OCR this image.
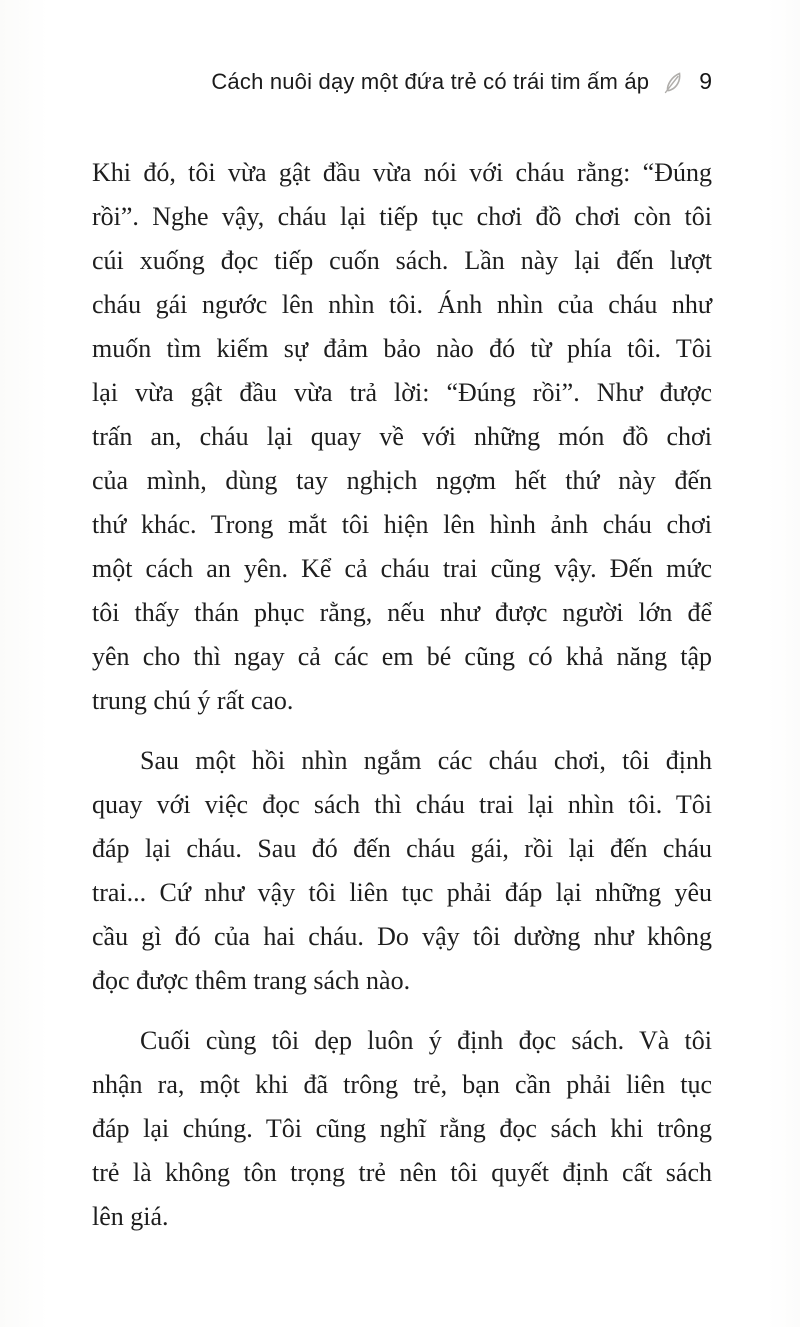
Cách nuôi dạy một đứa trẻ có trái tim ấm áp 9
Khi đó, tôi vừa gật đầu vừa nói với cháu rằng: “Đúng
rồi”. Nghe vậy, cháu lại tiếp tục chơi đồ chơi còn tôi
cúi xuống đọc tiếp cuốn sách. Lần này lại đến lượt
cháu gái ngước lên nhìn tôi. Ánh nhìn của cháu như
muốn tìm kiếm sự đảm bảo nào đó từ phía tôi. Tôi
lại vừa gật đầu vừa trả lời: “Đúng rồi”. Như được
trấn an, cháu lại quay về với những món đồ chơi
của mình, dùng tay nghịch ngợm hết thứ này đến
thứ khác. Trong mắt tôi hiện lên hình ảnh cháu chơi
một cách an yên. Kể cả cháu trai cũng vậy. Đến mức
tôi thấy thán phục rằng, nếu như được người lớn để
yên cho thì ngay cả các em bé cũng có khả năng tập
trung chú ý rất cao.
Sau một hồi nhìn ngắm các cháu chơi, tôi định
quay với việc đọc sách thì cháu trai lại nhìn tôi. Tôi
đáp lại cháu. Sau đó đến cháu gái, rồi lại đến cháu
trai... Cứ như vậy tôi liên tục phải đáp lại những yêu
cầu gì đó của hai cháu. Do vậy tôi dường như không
đọc được thêm trang sách nào.
Cuối cùng tôi dẹp luôn ý định đọc sách. Và tôi
nhận ra, một khi đã trông trẻ, bạn cần phải liên tục
đáp lại chúng. Tôi cũng nghĩ rằng đọc sách khi trông
trẻ là không tôn trọng trẻ nên tôi quyết định cất sách
lên giá.
